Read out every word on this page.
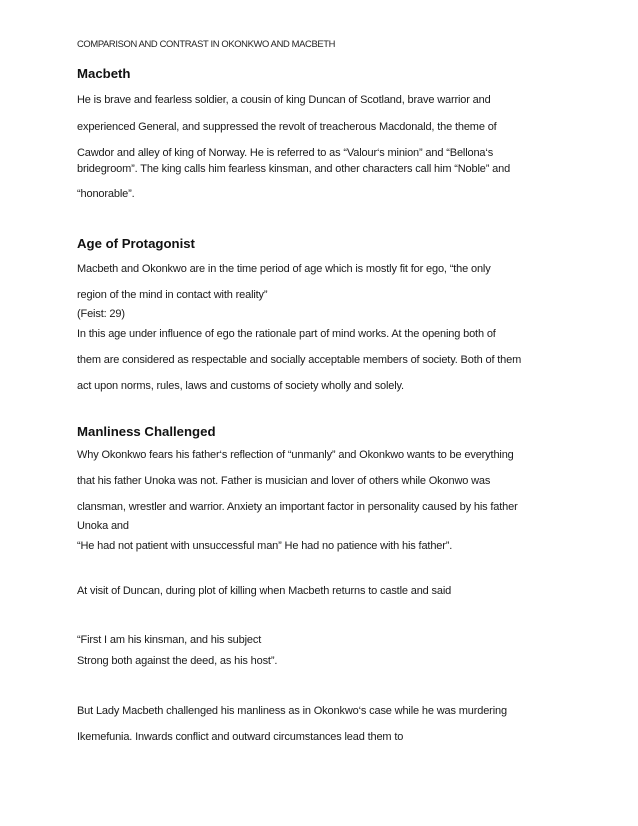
COMPARISON AND CONTRAST IN OKONKWO AND MACBETH
Macbeth
He is brave and fearless soldier, a cousin of king Duncan of Scotland, brave warrior and
experienced General, and suppressed the revolt of treacherous Macdonald, the theme of
Cawdor and alley of king of Norway. He is referred to as “Valour‘s minion” and “Bellona‘s
bridegroom”. The king calls him fearless kinsman, and other characters call him “Noble” and
“honorable”.
Age of Protagonist
Macbeth and Okonkwo are in the time period of age which is mostly fit for ego, “the only
region of the mind in contact with reality”
(Feist: 29)
In this age under influence of ego the rationale part of mind works. At the opening both of
them are considered as respectable and socially acceptable members of society. Both of them
act upon norms, rules, laws and customs of society wholly and solely.
Manliness Challenged
Why Okonkwo fears his father‘s reflection of “unmanly” and Okonkwo wants to be everything
that his father Unoka was not. Father is musician and lover of others while Okonwo was
clansman, wrestler and warrior. Anxiety an important factor in personality caused by his father
Unoka and
“He had not patient with unsuccessful man” He had no patience with his father”.
At visit of Duncan, during plot of killing when Macbeth returns to castle and said
“First I am his kinsman, and his subject
Strong both against the deed, as his host”.
But Lady Macbeth challenged his manliness as in Okonkwo‘s case while he was murdering
Ikemefunia. Inwards conflict and outward circumstances lead them to
